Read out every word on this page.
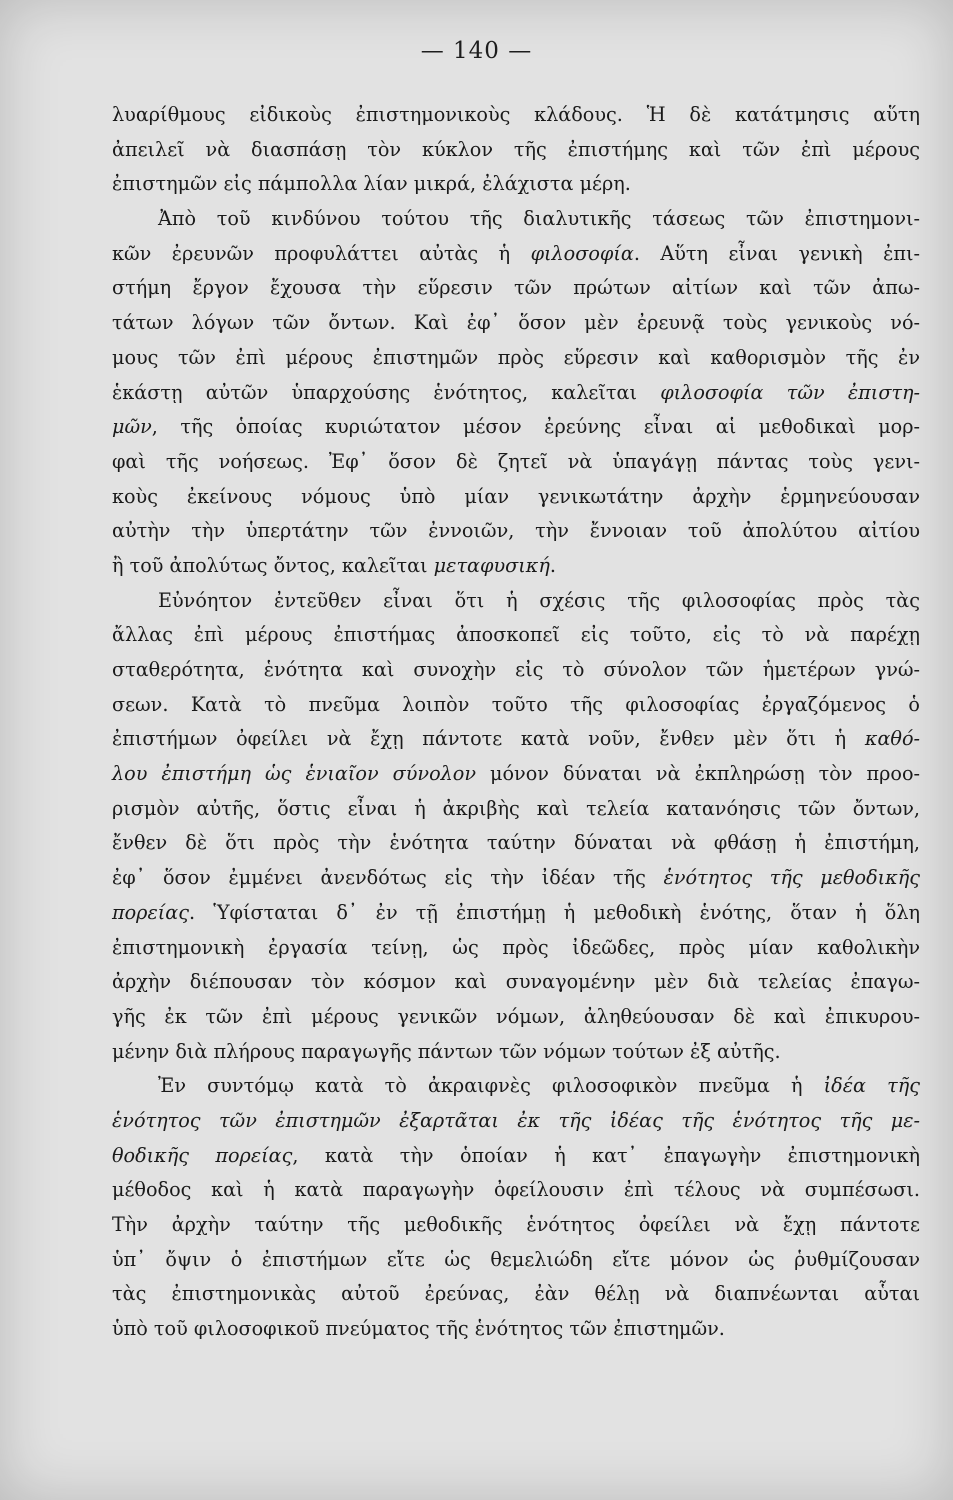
— 140 —
λυαρίθμους εἰδικοὺς ἐπιστημονικοὺς κλάδους. Ἡ δὲ κατάτμησις αὕτη
ἀπειλεῖ νὰ διασπάσῃ τὸν κύκλον τῆς ἐπιστήμης καὶ τῶν ἐπὶ μέρους
ἐπιστημῶν εἰς πάμπολλα λίαν μικρά, ἐλάχιστα μέρη.
Ἀπὸ τοῦ κινδύνου τούτου τῆς διαλυτικῆς τάσεως τῶν ἐπιστημονι-
κῶν ἐρευνῶν προφυλάττει αὐτὰς ἡ φιλοσοφία. Αὕτη εἶναι γενικὴ ἐπι-
στήμη ἔργον ἔχουσα τὴν εὕρεσιν τῶν πρώτων αἰτίων καὶ τῶν ἀπω-
τάτων λόγων τῶν ὄντων. Καὶ ἐφ᾽ ὅσον μὲν ἐρευνᾷ τοὺς γενικοὺς νό-
μους τῶν ἐπὶ μέρους ἐπιστημῶν πρὸς εὕρεσιν καὶ καθορισμὸν τῆς ἐν
ἑκάστῃ αὐτῶν ὑπαρχούσης ἑνότητος, καλεῖται φιλοσοφία τῶν ἐπιστη-
μῶν, τῆς ὁποίας κυριώτατον μέσον ἐρεύνης εἶναι αἱ μεθοδικαὶ μορ-
φαὶ τῆς νοήσεως. Ἐφ᾽ ὅσον δὲ ζητεῖ νὰ ὑπαγάγῃ πάντας τοὺς γενι-
κοὺς ἐκείνους νόμους ὑπὸ μίαν γενικωτάτην ἀρχὴν ἑρμηνεύουσαν
αὐτὴν τὴν ὑπερτάτην τῶν ἐννοιῶν, τὴν ἔννοιαν τοῦ ἀπολύτου αἰτίου
ἢ τοῦ ἀπολύτως ὄντος, καλεῖται μεταφυσική.
Εὐνόητον ἐντεῦθεν εἶναι ὅτι ἡ σχέσις τῆς φιλοσοφίας πρὸς τὰς
ἄλλας ἐπὶ μέρους ἐπιστήμας ἀποσκοπεῖ εἰς τοῦτο, εἰς τὸ νὰ παρέχῃ
σταθερότητα, ἑνότητα καὶ συνοχὴν εἰς τὸ σύνολον τῶν ἡμετέρων γνώ-
σεων. Κατὰ τὸ πνεῦμα λοιπὸν τοῦτο τῆς φιλοσοφίας ἐργαζόμενος ὁ
ἐπιστήμων ὀφείλει νὰ ἔχῃ πάντοτε κατὰ νοῦν, ἔνθεν μὲν ὅτι ἡ καθό-
λου ἐπιστήμη ὡς ἑνιαῖον σύνολον μόνον δύναται νὰ ἐκπληρώσῃ τὸν προο-
ρισμὸν αὐτῆς, ὅστις εἶναι ἡ ἀκριβὴς καὶ τελεία κατανόησις τῶν ὄντων,
ἔνθεν δὲ ὅτι πρὸς τὴν ἑνότητα ταύτην δύναται νὰ φθάσῃ ἡ ἐπιστήμη,
ἐφ᾽ ὅσον ἐμμένει ἀνενδότως εἰς τὴν ἰδέαν τῆς ἑνότητος τῆς μεθοδικῆς
πορείας. Ὑφίσταται δ᾽ ἐν τῇ ἐπιστήμῃ ἡ μεθοδικὴ ἑνότης, ὅταν ἡ ὅλη
ἐπιστημονικὴ ἐργασία τείνῃ, ὡς πρὸς ἰδεῶδες, πρὸς μίαν καθολικὴν
ἀρχὴν διέπουσαν τὸν κόσμον καὶ συναγομένην μὲν διὰ τελείας ἐπαγω-
γῆς ἐκ τῶν ἐπὶ μέρους γενικῶν νόμων, ἀληθεύουσαν δὲ καὶ ἐπικυρου-
μένην διὰ πλήρους παραγωγῆς πάντων τῶν νόμων τούτων ἐξ αὐτῆς.
Ἐν συντόμῳ κατὰ τὸ ἀκραιφνὲς φιλοσοφικὸν πνεῦμα ἡ ἰδέα τῆς
ἑνότητος τῶν ἐπιστημῶν ἐξαρτᾶται ἐκ τῆς ἰδέας τῆς ἑνότητος τῆς με-
θοδικῆς πορείας, κατὰ τὴν ὁποίαν ἡ κατ᾽ ἐπαγωγὴν ἐπιστημονικὴ
μέθοδος καὶ ἡ κατὰ παραγωγὴν ὀφείλουσιν ἐπὶ τέλους νὰ συμπέσωσι.
Τὴν ἀρχὴν ταύτην τῆς μεθοδικῆς ἑνότητος ὀφείλει νὰ ἔχῃ πάντοτε
ὑπ᾽ ὄψιν ὁ ἐπιστήμων εἴτε ὡς θεμελιώδη εἴτε μόνον ὡς ῥυθμίζουσαν
τὰς ἐπιστημονικὰς αὐτοῦ ἐρεύνας, ἐὰν θέλῃ νὰ διαπνέωνται αὗται
ὑπὸ τοῦ φιλοσοφικοῦ πνεύματος τῆς ἑνότητος τῶν ἐπιστημῶν.
